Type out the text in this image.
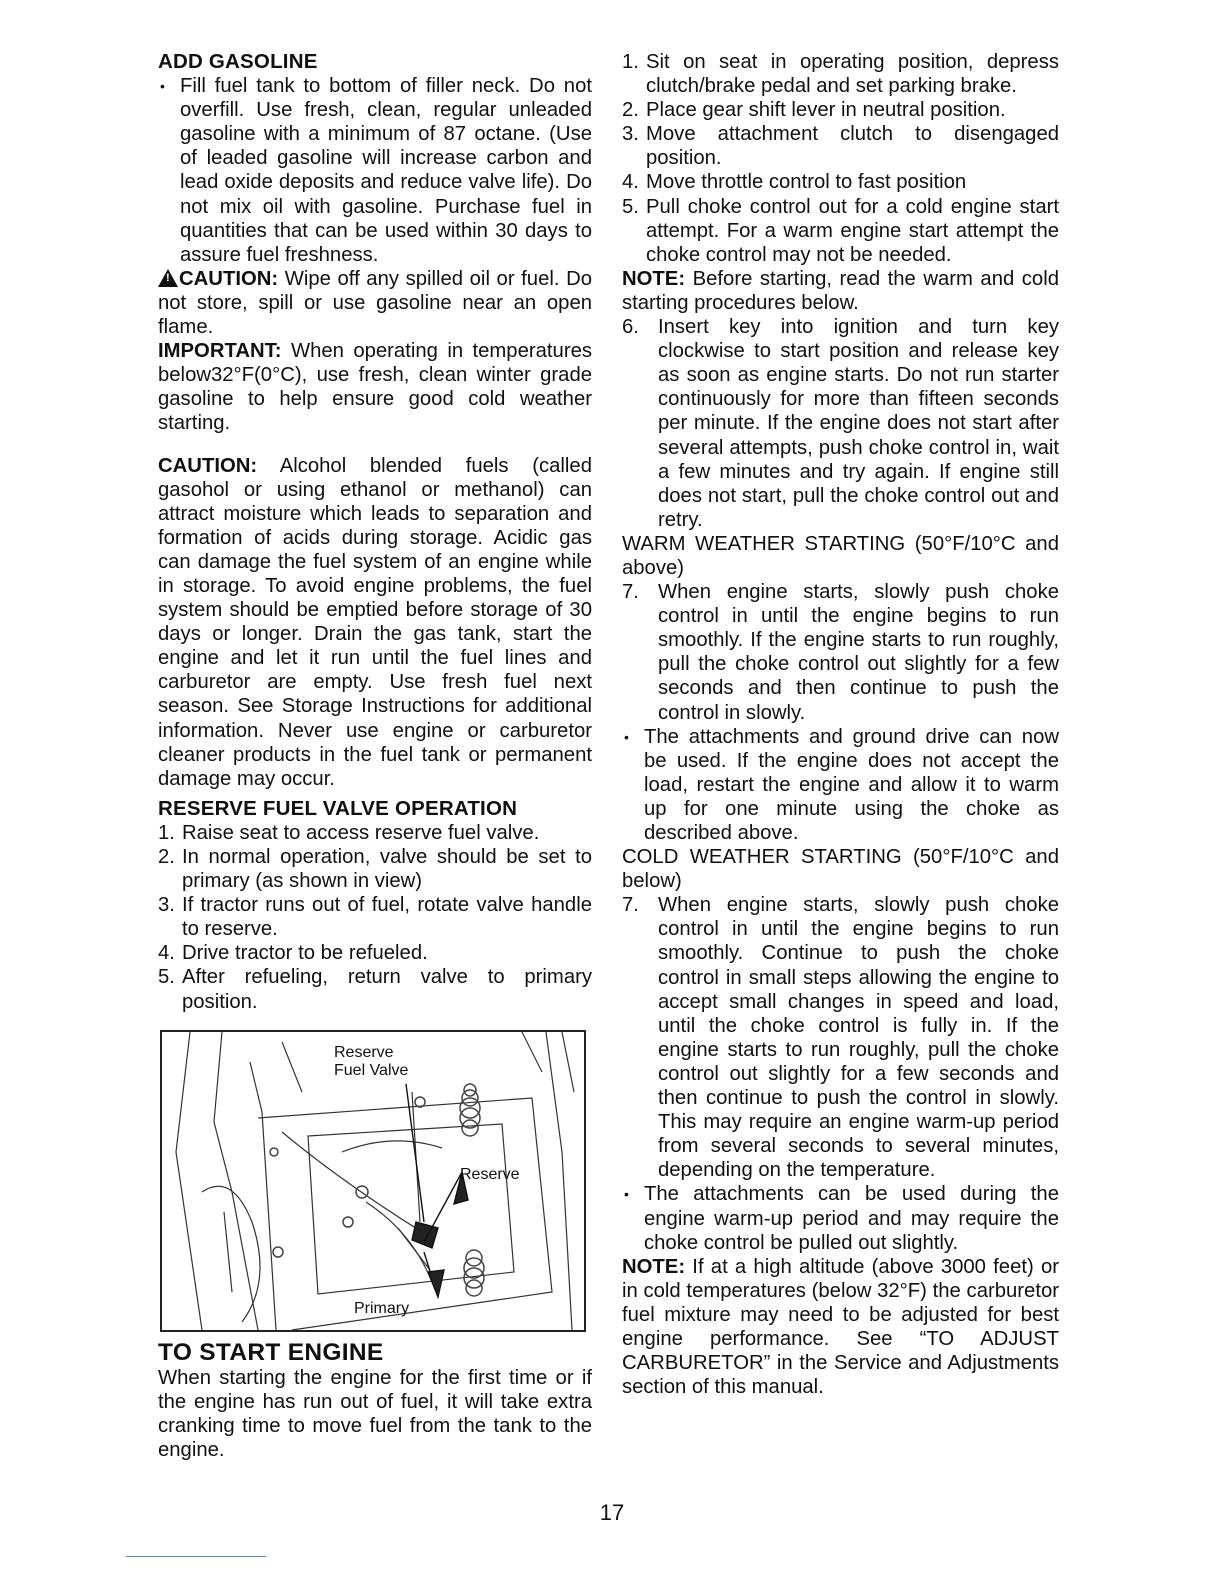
ADD GASOLINE

• Fill fuel tank to bottom of filler neck. Do not overfill. Use fresh, clean, regular unleaded gasoline with a minimum of 87 octane. (Use of leaded gasoline will increase carbon and lead oxide deposits and reduce valve life). Do not mix oil with gasoline. Purchase fuel in quantities that can be used within 30 days to assure fuel freshness.

!CAUTION: Wipe off any spilled oil or fuel. Do not store, spill or use gasoline near an open flame.

IMPORTANT: When operating in temperatures below32°F(0°C), use fresh, clean winter grade gasoline to help ensure good cold weather starting.

CAUTION: Alcohol blended fuels (called gasohol or using ethanol or methanol) can attract moisture which leads to separation and formation of acids during storage. Acidic gas can damage the fuel system of an engine while in storage. To avoid engine problems, the fuel system should be emptied before storage of 30 days or longer. Drain the gas tank, start the engine and let it run until the fuel lines and carburetor are empty. Use fresh fuel next season. See Storage Instructions for additional information. Never use engine or carburetor cleaner products in the fuel tank or permanent damage may occur.

RESERVE FUEL VALVE OPERATION

1. Raise seat to access reserve fuel valve.
2. In normal operation, valve should be set to primary (as shown in view)
3. If tractor runs out of fuel, rotate valve handle to reserve.
4. Drive tractor to be refueled.
5. After refueling, return valve to primary position.
Reserve
Fuel Valve
Reserve
Primary

TO START ENGINE

When starting the engine for the first time or if the engine has run out of fuel, it will take extra cranking time to move fuel from the tank to the engine.

1. Sit on seat in operating position, depress clutch/brake pedal and set parking brake.
2. Place gear shift lever in neutral position.
3. Move attachment clutch to disengaged position.
4. Move throttle control to fast position
5. Pull choke control out for a cold engine start attempt. For a warm engine start attempt the choke control may not be needed.

NOTE: Before starting, read the warm and cold starting procedures below.

6. Insert key into ignition and turn key clockwise to start position and release key as soon as engine starts. Do not run starter continuously for more than fifteen seconds per minute. If the engine does not start after several attempts, push choke control in, wait a few minutes and try again. If engine still does not start, pull the choke control out and retry.

WARM WEATHER STARTING (50°F/10°C and above)

7. When engine starts, slowly push choke control in until the engine begins to run smoothly. If the engine starts to run roughly, pull the choke control out slightly for a few seconds and then continue to push the control in slowly.
• The attachments and ground drive can now be used. If the engine does not accept the load, restart the engine and allow it to warm up for one minute using the choke as described above.

COLD WEATHER STARTING (50°F/10°C and below)

7. When engine starts, slowly push choke control in until the engine begins to run smoothly. Continue to push the choke control in small steps allowing the engine to accept small changes in speed and load, until the choke control is fully in. If the engine starts to run roughly, pull the choke control out slightly for a few seconds and then continue to push the control in slowly. This may require an engine warm-up period from several seconds to several minutes, depending on the temperature.
• The attachments can be used during the engine warm-up period and may require the choke control be pulled out slightly.

NOTE: If at a high altitude (above 3000 feet) or in cold temperatures (below 32°F) the carburetor fuel mixture may need to be adjusted for best engine performance. See “TO ADJUST CARBURETOR” in the Service and Adjustments section of this manual.

17
